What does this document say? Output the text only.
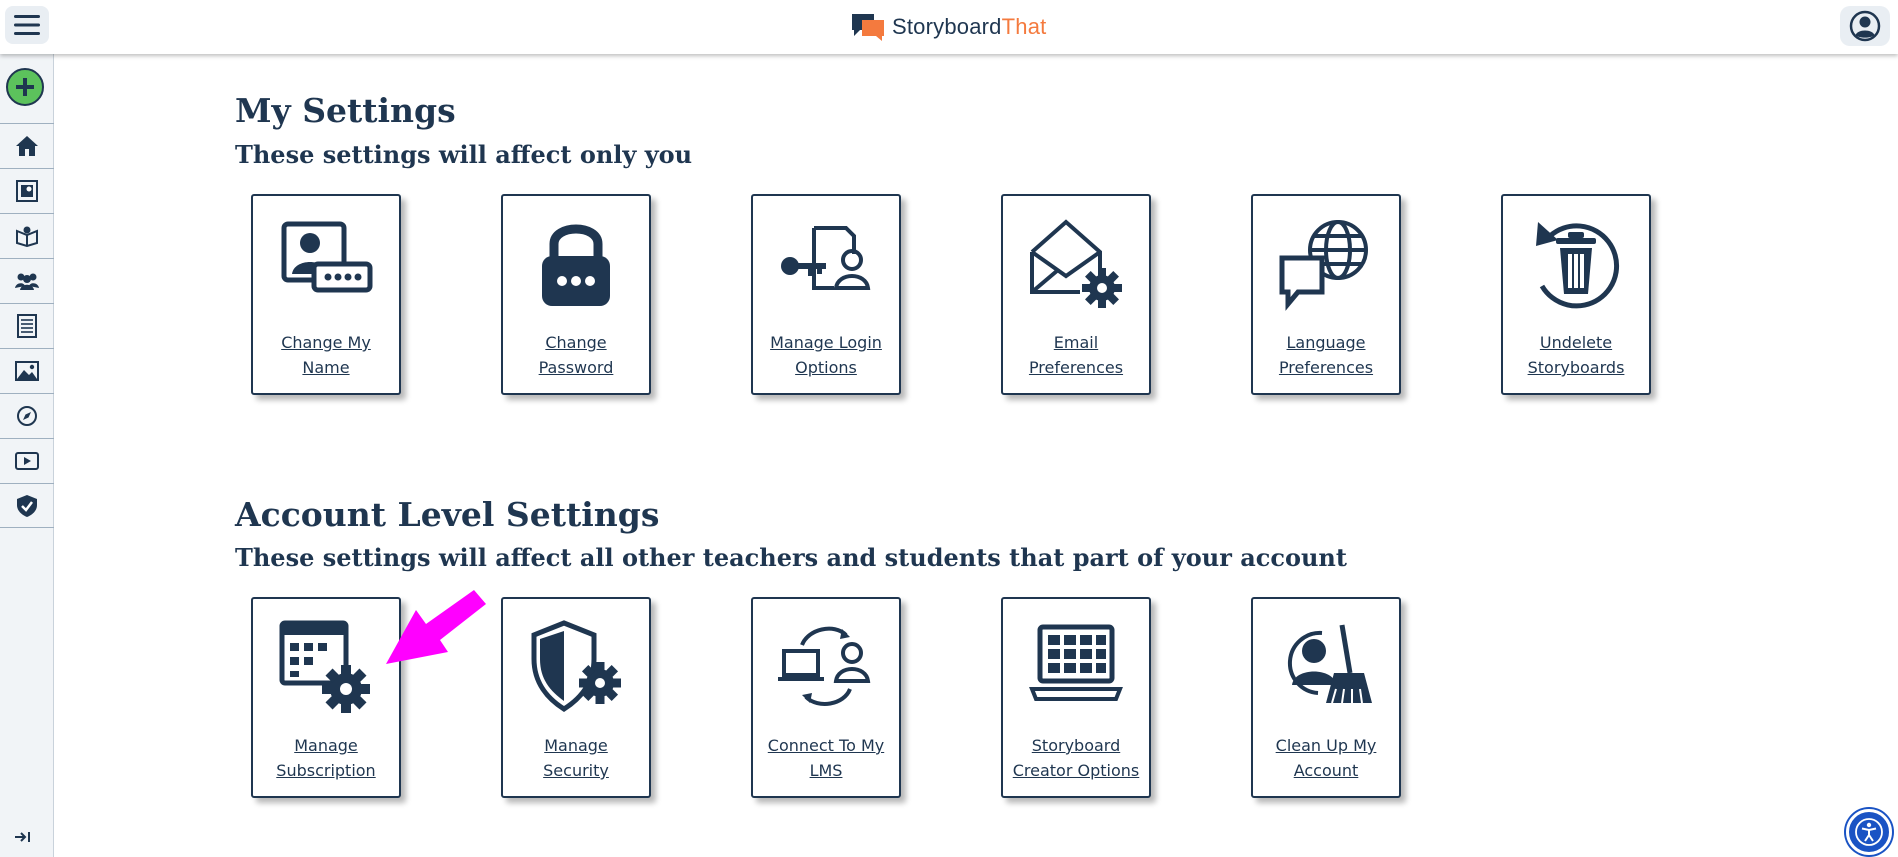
StoryboardThat
My Settings
These settings will affect only you
Change My
Name
Change
Password
Manage Login
Options
Email
Preferences
Language
Preferences
Undelete
Storyboards
Account Level Settings
These settings will affect all other teachers and students that part of your account
Manage
Subscription
Manage
Security
Connect To My
LMS
Storyboard
Creator Options
Clean Up My
Account
